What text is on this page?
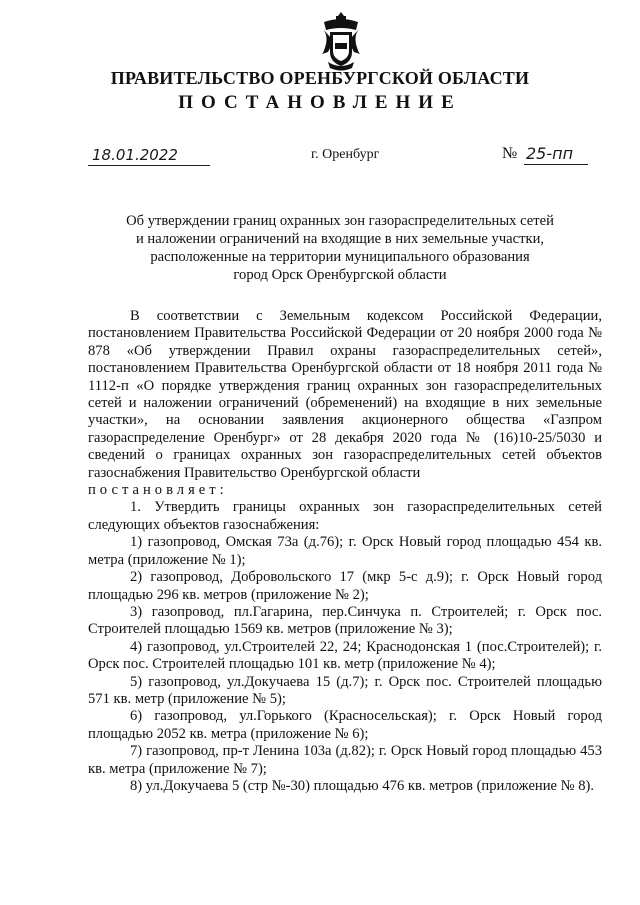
ПРАВИТЕЛЬСТВО ОРЕНБУРГСКОЙ ОБЛАСТИ
ПОСТАНОВЛЕНИЕ
18.01.2022	г. Оренбург	№ 25-пп
Об утверждении границ охранных зон газораспределительных сетей
и наложении ограничений на входящие в них земельные участки,
расположенные на территории муниципального образования
город Орск Оренбургской области

В соответствии с Земельным кодексом Российской Федерации, постановлением Правительства Российской Федерации от 20 ноября 2000 года № 878 «Об утверждении Правил охраны газораспределительных сетей», постановлением Правительства Оренбургской области от 18 ноября 2011 года № 1112-п «О порядке утверждения границ охранных зон газораспределительных сетей и наложении ограничений (обременений) на входящие в них земельные участки», на основании заявления акционерного общества «Газпром газораспределение Оренбург» от 28 декабря 2020 года № (16)10-25/5030 и сведений о границах охранных зон газораспределительных сетей объектов газоснабжения Правительство Оренбургской области

постановляет:

1. Утвердить границы охранных зон газораспределительных сетей следующих объектов газоснабжения:

1) газопровод, Омская 73а (д.76); г. Орск Новый город площадью 454 кв. метра (приложение № 1);

2) газопровод, Добровольского 17 (мкр 5-с д.9); г. Орск Новый город площадью 296 кв. метров (приложение № 2);

3) газопровод, пл.Гагарина, пер.Синчука п. Строителей; г. Орск пос. Строителей площадью 1569 кв. метров (приложение № 3);

4) газопровод, ул.Строителей 22, 24; Краснодонская 1 (пос.Строителей); г. Орск пос. Строителей площадью 101 кв. метр (приложение № 4);

5) газопровод, ул.Докучаева 15 (д.7); г. Орск пос. Строителей площадью 571 кв. метр (приложение № 5);

6) газопровод, ул.Горького (Красносельская); г. Орск Новый город площадью 2052 кв. метра (приложение № 6);

7) газопровод, пр-т Ленина 103а (д.82); г. Орск Новый город площадью 453 кв. метра (приложение № 7);

8) ул.Докучаева 5 (стр №-30) площадью 476 кв. метров (приложение № 8).
